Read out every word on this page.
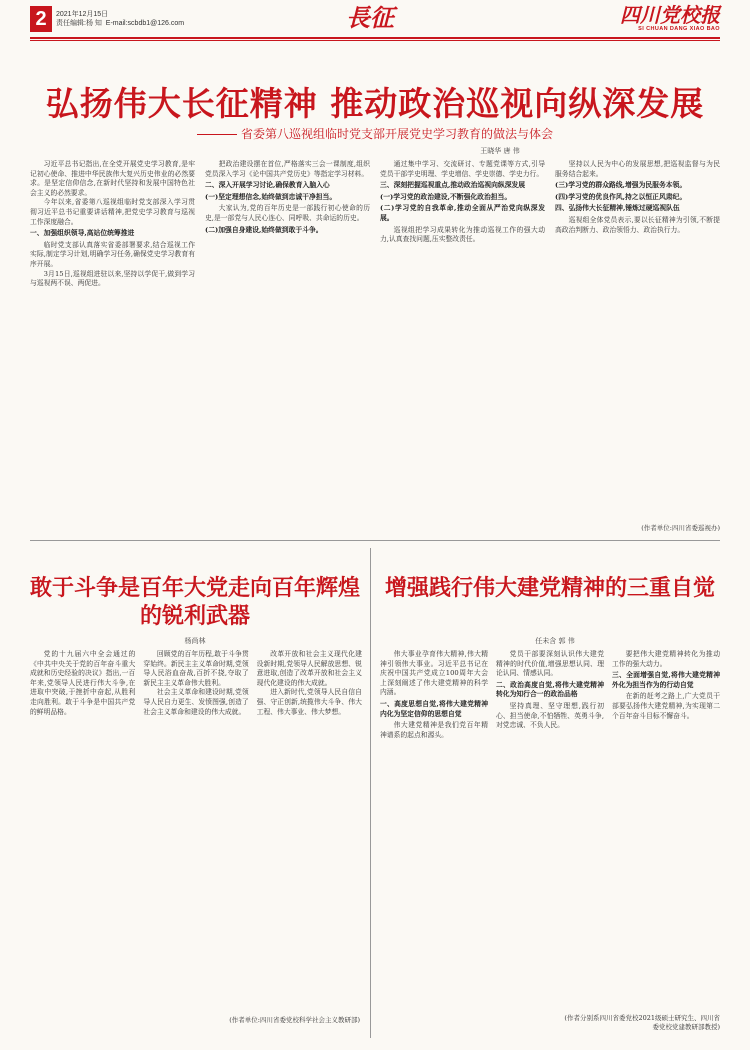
2	2021年12月15日
责任编辑:杨 知 E-mail:scbdb1@126.com	長征	四川党校报
SI CHUAN DANG XIAO BAO
弘扬伟大长征精神 推动政治巡视向纵深发展
省委第八巡视组临时党支部开展党史学习教育的做法与体会
王晓华 唐 伟

习近平总书记指出,在全党开展党史学习教育,是牢记初心使命、推进中华民族伟大复兴历史伟业的必然要求。是坚定信仰信念,在新时代坚持和发展中国特色社会主义的必然要求。

今年以来,省委第八巡视组临时党支部深入学习贯彻习近平总书记重要讲话精神,把党史学习教育与巡视工作深度融合。

一、加强组织领导,高站位统筹推进

临时党支部认真落实省委部署要求,结合巡视工作实际,制定学习计划,明确学习任务,确保党史学习教育有序开展。

3月15日,巡视组进驻以来,坚持以学促干,做到学习与巡视两不误、两促进。

把政治建设摆在首位,严格落实三会一课制度,组织党员深入学习《论中国共产党历史》等指定学习材料。

二、深入开展学习讨论,确保教育入脑入心

(一)坚定理想信念,始终做到忠诚干净担当。

大家认为,党的百年历史是一部践行初心使命的历史,是一部党与人民心连心、同呼吸、共命运的历史。

(二)加强自身建设,始终做到敢于斗争。

通过集中学习、交流研讨、专题党课等方式,引导党员干部学史明理、学史增信、学史崇德、学史力行。

三、深刻把握巡视重点,推动政治巡视向纵深发展

(一)学习党的政治建设,不断强化政治担当。

(二)学习党的自我革命,推动全面从严治党向纵深发展。

巡视组把学习成果转化为推动巡视工作的强大动力,认真查找问题,压实整改责任。

坚持以人民为中心的发展思想,把巡视监督与为民服务结合起来。

(三)学习党的群众路线,增强为民服务本领。

(四)学习党的优良作风,持之以恒正风肃纪。

四、弘扬伟大长征精神,锤炼过硬巡视队伍

巡视组全体党员表示,要以长征精神为引领,不断提高政治判断力、政治领悟力、政治执行力。

(作者单位:四川省委巡视办)
敢于斗争是百年大党走向百年辉煌的锐利武器
杨尚林

党的十九届六中全会通过的《中共中央关于党的百年奋斗重大成就和历史经验的决议》指出,一百年来,党领导人民进行伟大斗争,在进取中突破,于挫折中奋起,从胜利走向胜利。敢于斗争是中国共产党的鲜明品格。

回顾党的百年历程,敢于斗争贯穿始终。新民主主义革命时期,党领导人民浴血奋战,百折不挠,夺取了新民主主义革命伟大胜利。

社会主义革命和建设时期,党领导人民自力更生、发愤图强,创造了社会主义革命和建设的伟大成就。

改革开放和社会主义现代化建设新时期,党领导人民解放思想、锐意进取,创造了改革开放和社会主义现代化建设的伟大成就。

进入新时代,党领导人民自信自强、守正创新,统揽伟大斗争、伟大工程、伟大事业、伟大梦想。

(作者单位:四川省委党校科学社会主义教研部)
增强践行伟大建党精神的三重自觉
任未含 郭 伟

伟大事业孕育伟大精神,伟大精神引领伟大事业。习近平总书记在庆祝中国共产党成立100周年大会上深刻阐述了伟大建党精神的科学内涵。

一、高度思想自觉,将伟大建党精神内化为坚定信仰的思想自觉

伟大建党精神是我们党百年精神谱系的起点和源头。

党员干部要深刻认识伟大建党精神的时代价值,增强思想认同、理论认同、情感认同。

二、政治高度自觉,将伟大建党精神转化为知行合一的政治品格

坚持真理、坚守理想,践行初心、担当使命,不怕牺牲、英勇斗争,对党忠诚、不负人民。

要把伟大建党精神转化为推动工作的强大动力。

三、全面增强自觉,将伟大建党精神外化为担当作为的行动自觉

在新的赶考之路上,广大党员干部要弘扬伟大建党精神,为实现第二个百年奋斗目标不懈奋斗。

(作者分别系四川省委党校2021级硕士研究生、四川省委党校党建教研部教授)
